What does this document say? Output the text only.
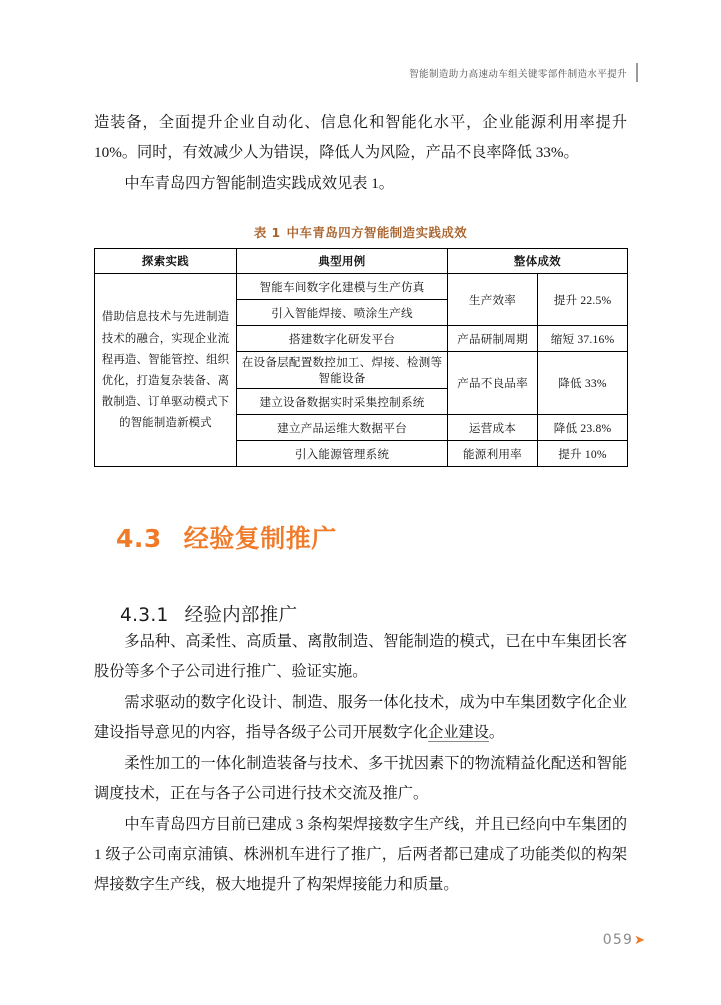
智能制造助力高速动车组关键零部件制造水平提升

造装备，全面提升企业自动化、信息化和智能化水平，企业能源利用率提升 10%。同时，有效减少人为错误，降低人为风险，产品不良率降低 33%。

中车青岛四方智能制造实践成效见表 1。

表 1 中车青岛四方智能制造实践成效
探索实践	典型用例	整体成效	
借助信息技术与先进制造技术的融合，实现企业流程再造、智能管控、组织优化，打造复杂装备、离散制造、订单驱动模式下的智能制造新模式	智能车间数字化建模与生产仿真	生产效率	提升 22.5%
	引入智能焊接、喷涂生产线		
	搭建数字化研发平台	产品研制周期	缩短 37.16%
	在设备层配置数控加工、焊接、检测等智能设备	产品不良品率	降低 33%
	建立设备数据实时采集控制系统		
	建立产品运维大数据平台	运营成本	降低 23.8%
	引入能源管理系统	能源利用率	提升 10%
4.3 经验复制推广
4.3.1 经验内部推广

多品种、高柔性、高质量、离散制造、智能制造的模式，已在中车集团长客股份等多个子公司进行推广、验证实施。

需求驱动的数字化设计、制造、服务一体化技术，成为中车集团数字化企业建设指导意见的内容，指导各级子公司开展数字化企业建设。

柔性加工的一体化制造装备与技术、多干扰因素下的物流精益化配送和智能调度技术，正在与各子公司进行技术交流及推广。

中车青岛四方目前已建成 3 条构架焊接数字生产线，并且已经向中车集团的 1 级子公司南京浦镇、株洲机车进行了推广，后两者都已建成了功能类似的构架焊接数字生产线，极大地提升了构架焊接能力和质量。

059 ➤
